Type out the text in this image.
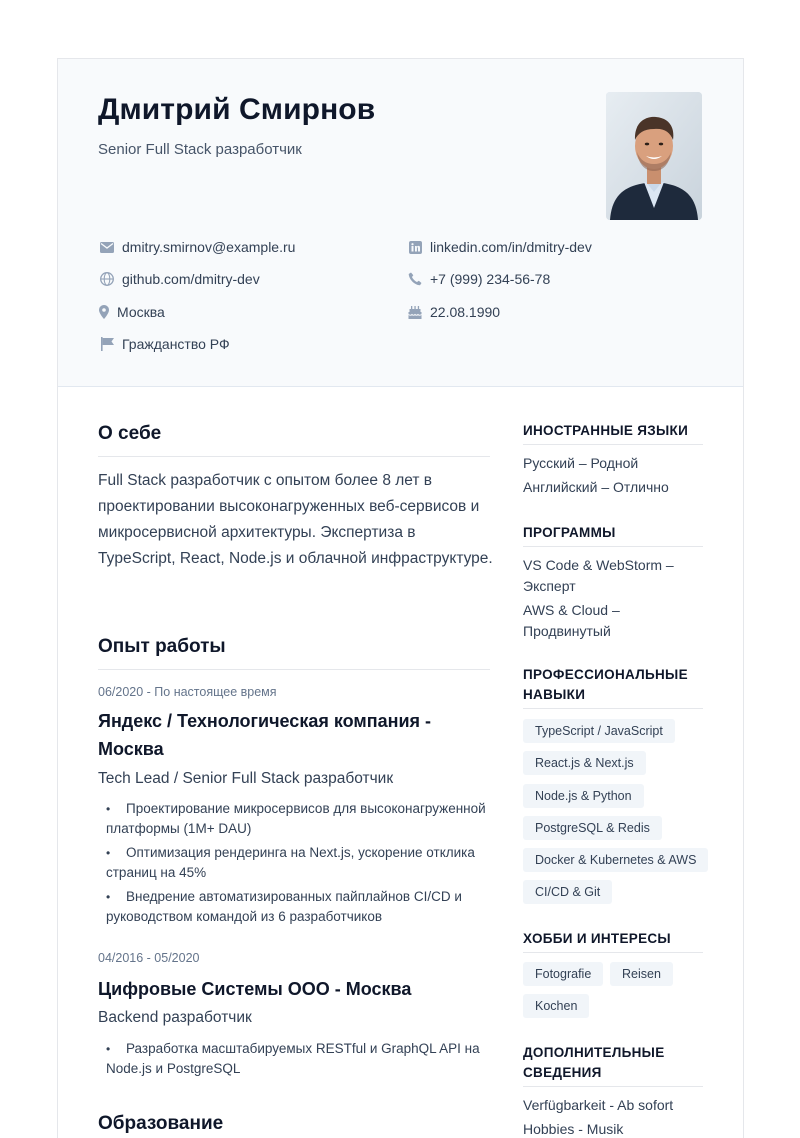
Дмитрий Смирнов
Senior Full Stack разработчик
dmitry.smirnov@example.ru
github.com/dmitry-dev
Москва
Гражданство РФ
linkedin.com/in/dmitry-dev
+7 (999) 234-56-78
22.08.1990
О себе
Full Stack разработчик с опытом более 8 лет в проектировании высоконагруженных веб-сервисов и микросервисной архитектуры. Экспертиза в TypeScript, React, Node.js и облачной инфраструктуре.
Опыт работы
06/2020 - По настоящее время
Яндекс / Технологическая компания - Москва
Tech Lead / Senior Full Stack разработчик
• Проектирование микросервисов для высоконагруженной платформы (1M+ DAU)
• Оптимизация рендеринга на Next.js, ускорение отклика страниц на 45%
• Внедрение автоматизированных пайплайнов CI/CD и руководством командой из 6 разработчиков
04/2016 - 05/2020
Цифровые Системы ООО - Москва
Backend разработчик
• Разработка масштабируемых RESTful и GraphQL API на Node.js и PostgreSQL
Образование
ИНОСТРАННЫЕ ЯЗЫКИ
Русский – Родной
Английский – Отлично
ПРОГРАММЫ
VS Code & WebStorm – Эксперт
AWS & Cloud – Продвинутый
ПРОФЕССИОНАЛЬНЫЕ НАВЫКИ
TypeScript / JavaScript
React.js & Next.js
Node.js & Python
PostgreSQL & Redis
Docker & Kubernetes & AWS
CI/CD & Git
ХОББИ И ИНТЕРЕСЫ
Fotografie	Reisen
Kochen
ДОПОЛНИТЕЛЬНЫЕ СВЕДЕНИЯ
Verfügbarkeit - Ab sofort
Hobbies - Musik
